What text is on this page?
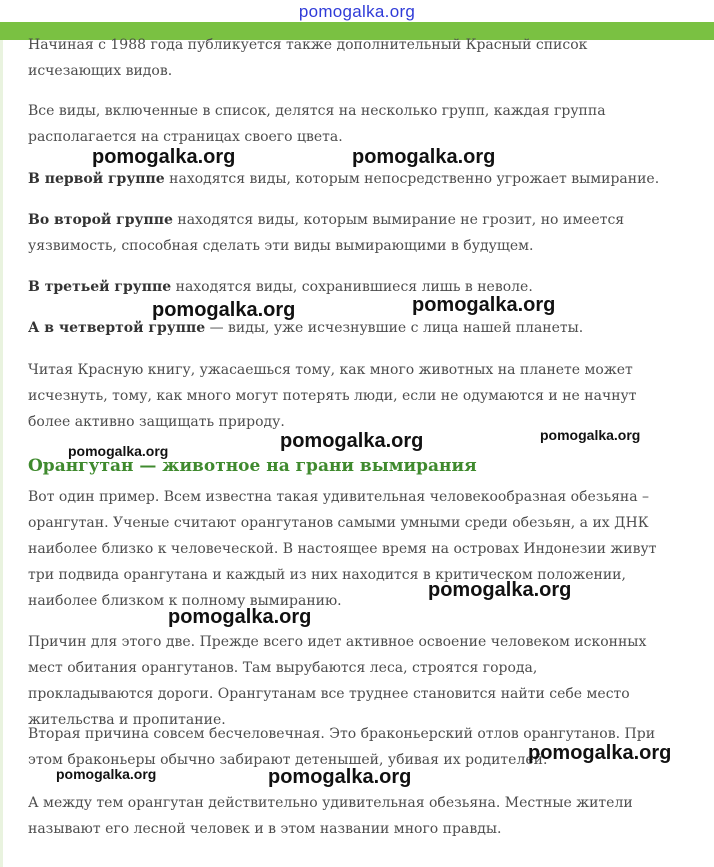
pomogalka.org

Начиная с 1988 года публикуется также дополнительный Красный список исчезающих видов.

Все виды, включенные в список, делятся на несколько групп, каждая группа располагается на страницах своего цвета.

В первой группе находятся виды, которым непосредственно угрожает вымирание.

Во второй группе находятся виды, которым вымирание не грозит, но имеется уязвимость, способная сделать эти виды вымирающими в будущем.

В третьей группе находятся виды, сохранившиеся лишь в неволе.

А в четвертой группе — виды, уже исчезнувшие с лица нашей планеты.

Читая Красную книгу, ужасаешься тому, как много животных на планете может исчезнуть, тому, как много могут потерять люди, если не одумаются и не начнут более активно защищать природу.

Орангутан — животное на грани вымирания

Вот один пример. Всем известна такая удивительная человекообразная обезьяна – орангутан. Ученые считают орангутанов самыми умными среди обезьян, а их ДНК наиболее близко к человеческой. В настоящее время на островах Индонезии живут три подвида орангутана и каждый из них находится в критическом положении, наиболее близком к полному вымиранию.

Причин для этого две. Прежде всего идет активное освоение человеком исконных мест обитания орангутанов. Там вырубаются леса, строятся города, прокладываются дороги. Орангутанам все труднее становится найти себе место жительства и пропитание.

Вторая причина совсем бесчеловечная. Это браконьерский отлов орангутанов. При этом браконьеры обычно забирают детенышей, убивая их родителей.

А между тем орангутан действительно удивительная обезьяна. Местные жители называют его лесной человек и в этом названии много правды.

pomogalka.org	pomogalka.org
pomogalka.org	pomogalka.org
pomogalka.org	pomogalka.org	pomogalka.org
pomogalka.org
pomogalka.org
pomogalka.org
pomogalka.org	pomogalka.org
